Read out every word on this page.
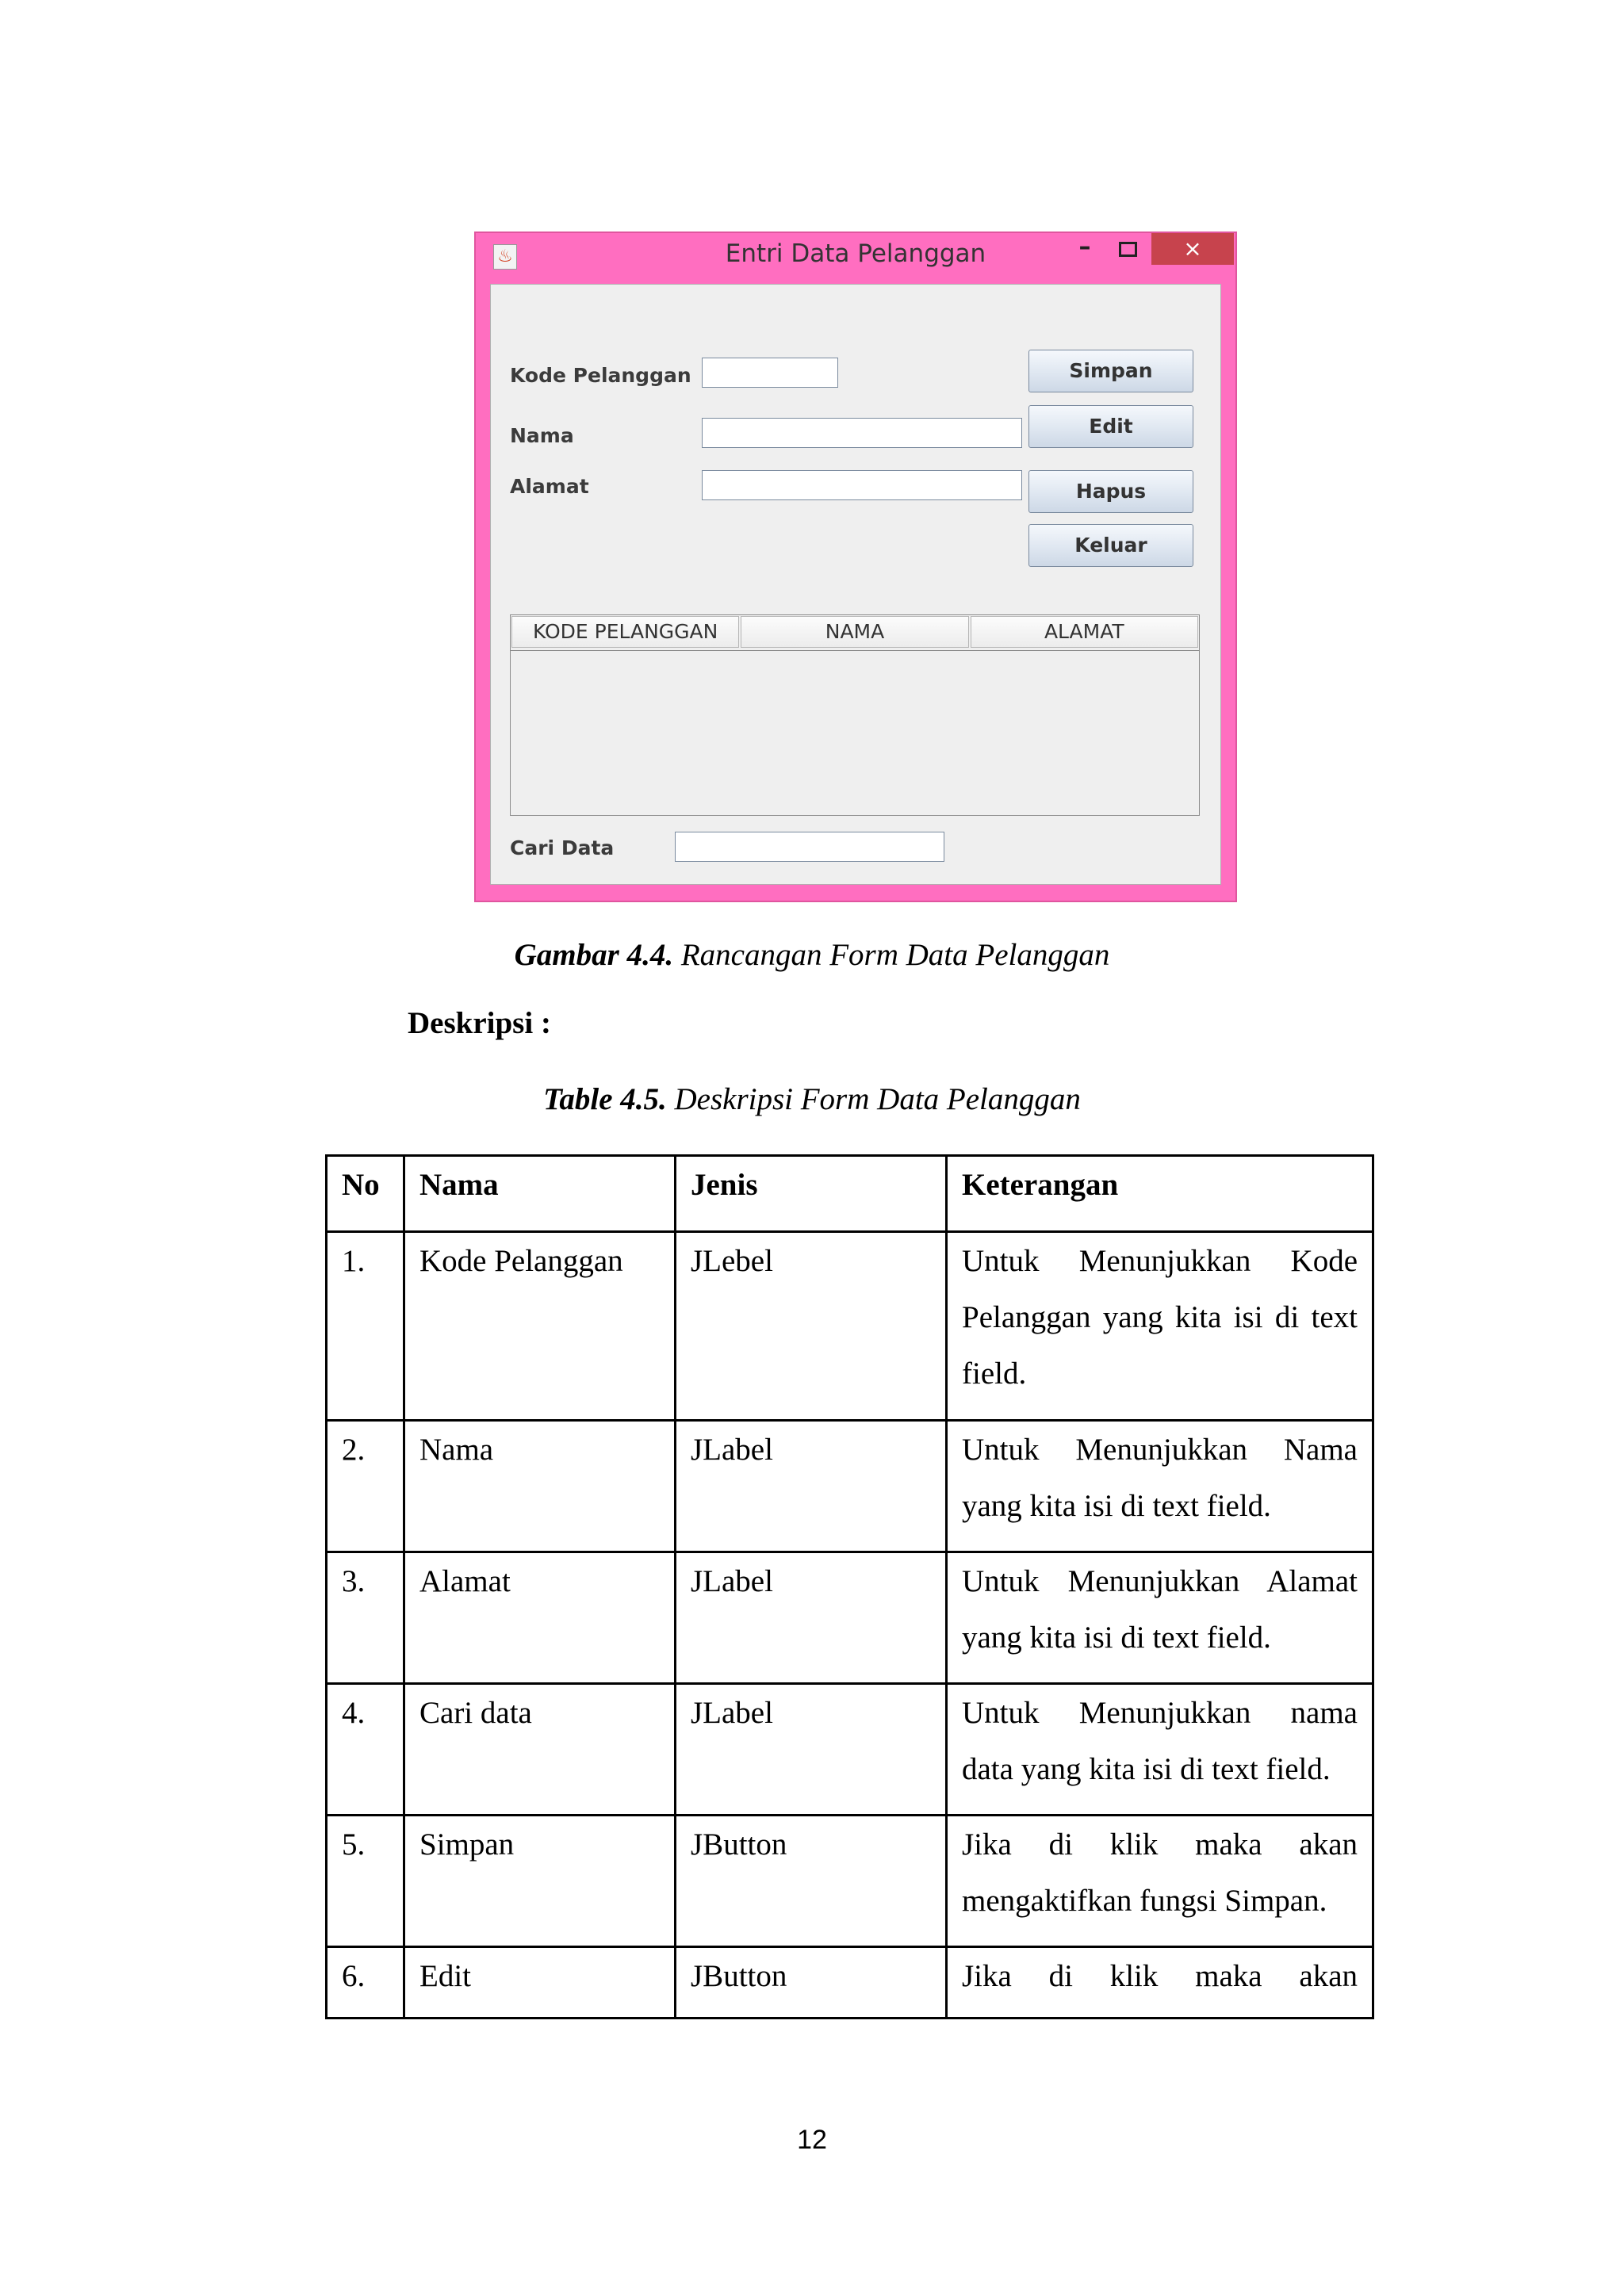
♨	Entri Data Pelanggan	–	×
Kode Pelanggan
Nama
Alamat
Simpan
Edit
Hapus
Keluar
KODE PELANGGAN	NAMA	ALAMAT
Cari Data
Gambar 4.4. Rancangan Form Data Pelanggan
Deskripsi :
Table 4.5. Deskripsi Form Data Pelanggan
No	Nama	Jenis	Keterangan
1.	Kode Pelanggan	JLebel	Untuk Menunjukkan Kode
Pelanggan yang kita isi di text
field.

2.	Nama	JLabel	Untuk Menunjukkan Nama
yang kita isi di text field.

3.	Alamat	JLabel	Untuk Menunjukkan Alamat
yang kita isi di text field.

4.	Cari data	JLabel	Untuk Menunjukkan nama
data yang kita isi di text field.

5.	Simpan	JButton	Jika di klik maka akan
mengaktifkan fungsi Simpan.

6.	Edit	JButton	Jika di klik maka akan
12
